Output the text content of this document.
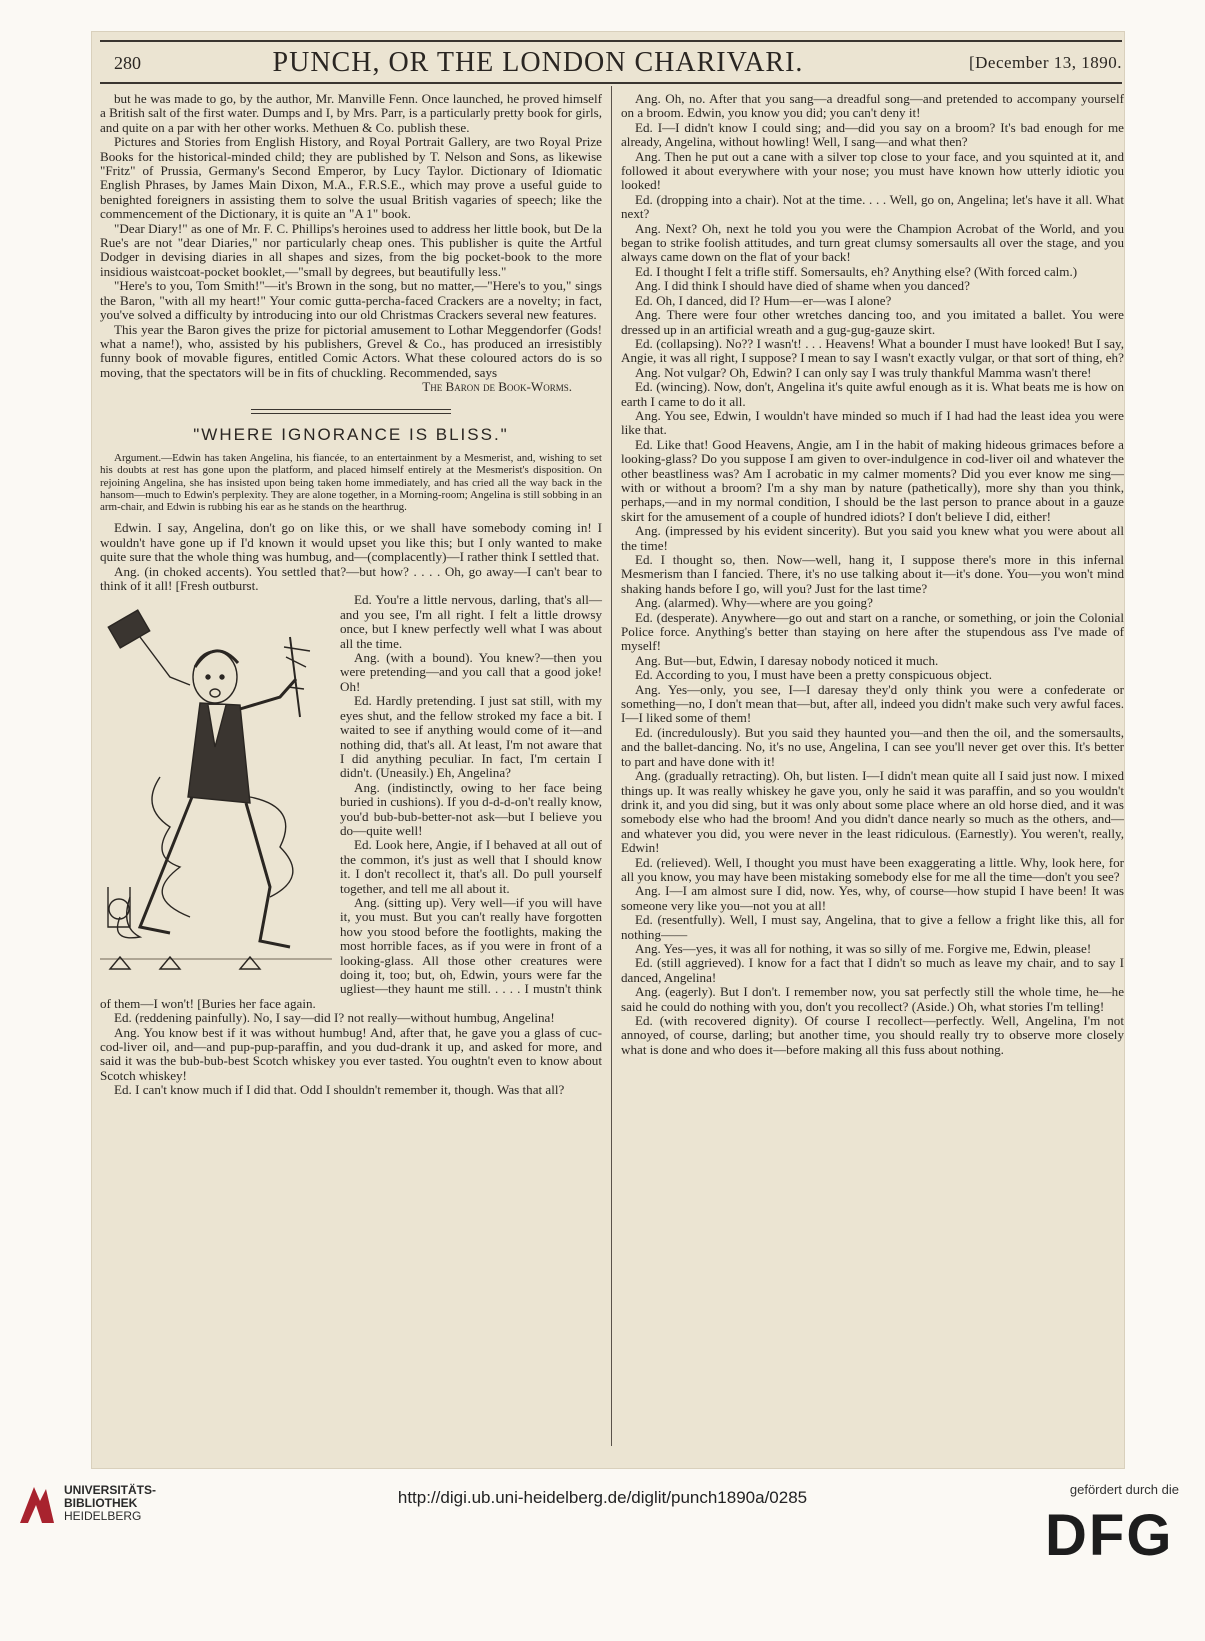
280	PUNCH, OR THE LONDON CHARIVARI.	[December 13, 1890.

but he was made to go, by the author, Mr. Manville Fenn. Once launched, he proved himself a British salt of the first water. Dumps and I, by Mrs. Parr, is a particularly pretty book for girls, and quite on a par with her other works. Methuen & Co. publish these.

Pictures and Stories from English History, and Royal Portrait Gallery, are two Royal Prize Books for the historical-minded child; they are published by T. Nelson and Sons, as likewise "Fritz" of Prussia, Germany's Second Emperor, by Lucy Taylor. Dictionary of Idiomatic English Phrases, by James Main Dixon, M.A., F.R.S.E., which may prove a useful guide to benighted foreigners in assisting them to solve the usual British vagaries of speech; like the commencement of the Dictionary, it is quite an "A 1" book.

"Dear Diary!" as one of Mr. F. C. Phillips's heroines used to address her little book, but De la Rue's are not "dear Diaries," nor particularly cheap ones. This publisher is quite the Artful Dodger in devising diaries in all shapes and sizes, from the big pocket-book to the more insidious waistcoat-pocket booklet,—"small by degrees, but beautifully less."

"Here's to you, Tom Smith!"—it's Brown in the song, but no matter,—"Here's to you," sings the Baron, "with all my heart!" Your comic gutta-percha-faced Crackers are a novelty; in fact, you've solved a difficulty by introducing into our old Christmas Crackers several new features.

This year the Baron gives the prize for pictorial amusement to Lothar Meggendorfer (Gods! what a name!), who, assisted by his publishers, Grevel & Co., has produced an irresistibly funny book of movable figures, entitled Comic Actors. What these coloured actors do is so moving, that the spectators will be in fits of chuckling. Recommended, says

The Baron de Book-Worms.

"WHERE IGNORANCE IS BLISS."

Argument.—Edwin has taken Angelina, his fiancée, to an entertainment by a Mesmerist, and, wishing to set his doubts at rest has gone upon the platform, and placed himself entirely at the Mesmerist's disposition. On rejoining Angelina, she has insisted upon being taken home immediately, and has cried all the way back in the hansom—much to Edwin's perplexity. They are alone together, in a Morning-room; Angelina is still sobbing in an arm-chair, and Edwin is rubbing his ear as he stands on the hearthrug.

Edwin. I say, Angelina, don't go on like this, or we shall have somebody coming in! I wouldn't have gone up if I'd known it would upset you like this; but I only wanted to make quite sure that the whole thing was humbug, and—(complacently)—I rather think I settled that.

Ang. (in choked accents). You settled that?—but how? . . . . Oh, go away—I can't bear to think of it all! [Fresh outburst.

Ed. You're a little nervous, darling, that's all—and you see, I'm all right. I felt a little drowsy once, but I knew perfectly well what I was about all the time.

Ang. (with a bound). You knew?—then you were pretending—and you call that a good joke! Oh!

Ed. Hardly pretending. I just sat still, with my eyes shut, and the fellow stroked my face a bit. I waited to see if anything would come of it—and nothing did, that's all. At least, I'm not aware that I did anything peculiar. In fact, I'm certain I didn't. (Uneasily.) Eh, Angelina?

Ang. (indistinctly, owing to her face being buried in cushions). If you d-d-d-on't really know, you'd bub-bub-better-not ask—but I believe you do—quite well!

Ed. Look here, Angie, if I behaved at all out of the common, it's just as well that I should know it. I don't recollect it, that's all. Do pull yourself together, and tell me all about it.

Ang. (sitting up). Very well—if you will have it, you must. But you can't really have forgotten how you stood before the footlights, making the most horrible faces, as if you were in front of a looking-glass. All those other creatures were doing it, too; but, oh, Edwin, yours were far the ugliest—they haunt me still. . . . . I mustn't think of them—I won't! [Buries her face again.

Ed. (reddening painfully). No, I say—did I? not really—without humbug, Angelina!

Ang. You know best if it was without humbug! And, after that, he gave you a glass of cuc-cod-liver oil, and—and pup-pup-paraffin, and you dud-drank it up, and asked for more, and said it was the bub-bub-best Scotch whiskey you ever tasted. You oughtn't even to know about Scotch whiskey!

Ed. I can't know much if I did that. Odd I shouldn't remember it, though. Was that all?

Ang. Oh, no. After that you sang—a dreadful song—and pretended to accompany yourself on a broom. Edwin, you know you did; you can't deny it!

Ed. I—I didn't know I could sing; and—did you say on a broom? It's bad enough for me already, Angelina, without howling! Well, I sang—and what then?

Ang. Then he put out a cane with a silver top close to your face, and you squinted at it, and followed it about everywhere with your nose; you must have known how utterly idiotic you looked!

Ed. (dropping into a chair). Not at the time. . . . Well, go on, Angelina; let's have it all. What next?

Ang. Next? Oh, next he told you you were the Champion Acrobat of the World, and you began to strike foolish attitudes, and turn great clumsy somersaults all over the stage, and you always came down on the flat of your back!

Ed. I thought I felt a trifle stiff. Somersaults, eh? Anything else? (With forced calm.)

Ang. I did think I should have died of shame when you danced?

Ed. Oh, I danced, did I? Hum—er—was I alone?

Ang. There were four other wretches dancing too, and you imitated a ballet. You were dressed up in an artificial wreath and a gug-gug-gauze skirt.

Ed. (collapsing). No?? I wasn't! . . . Heavens! What a bounder I must have looked! But I say, Angie, it was all right, I suppose? I mean to say I wasn't exactly vulgar, or that sort of thing, eh?

Ang. Not vulgar? Oh, Edwin? I can only say I was truly thankful Mamma wasn't there!

Ed. (wincing). Now, don't, Angelina it's quite awful enough as it is. What beats me is how on earth I came to do it all.

Ang. You see, Edwin, I wouldn't have minded so much if I had had the least idea you were like that.

Ed. Like that! Good Heavens, Angie, am I in the habit of making hideous grimaces before a looking-glass? Do you suppose I am given to over-indulgence in cod-liver oil and whatever the other beastliness was? Am I acrobatic in my calmer moments? Did you ever know me sing—with or without a broom? I'm a shy man by nature (pathetically), more shy than you think, perhaps,—and in my normal condition, I should be the last person to prance about in a gauze skirt for the amusement of a couple of hundred idiots? I don't believe I did, either!

Ang. (impressed by his evident sincerity). But you said you knew what you were about all the time!

Ed. I thought so, then. Now—well, hang it, I suppose there's more in this infernal Mesmerism than I fancied. There, it's no use talking about it—it's done. You—you won't mind shaking hands before I go, will you? Just for the last time?

Ang. (alarmed). Why—where are you going?

Ed. (desperate). Anywhere—go out and start on a ranche, or something, or join the Colonial Police force. Anything's better than staying on here after the stupendous ass I've made of myself!

Ang. But—but, Edwin, I daresay nobody noticed it much.

Ed. According to you, I must have been a pretty conspicuous object.

Ang. Yes—only, you see, I—I daresay they'd only think you were a confederate or something—no, I don't mean that—but, after all, indeed you didn't make such very awful faces. I—I liked some of them!

Ed. (incredulously). But you said they haunted you—and then the oil, and the somersaults, and the ballet-dancing. No, it's no use, Angelina, I can see you'll never get over this. It's better to part and have done with it!

Ang. (gradually retracting). Oh, but listen. I—I didn't mean quite all I said just now. I mixed things up. It was really whiskey he gave you, only he said it was paraffin, and so you wouldn't drink it, and you did sing, but it was only about some place where an old horse died, and it was somebody else who had the broom! And you didn't dance nearly so much as the others, and—and whatever you did, you were never in the least ridiculous. (Earnestly). You weren't, really, Edwin!

Ed. (relieved). Well, I thought you must have been exaggerating a little. Why, look here, for all you know, you may have been mistaking somebody else for me all the time—don't you see?

Ang. I—I am almost sure I did, now. Yes, why, of course—how stupid I have been! It was someone very like you—not you at all!

Ed. (resentfully). Well, I must say, Angelina, that to give a fellow a fright like this, all for nothing——

Ang. Yes—yes, it was all for nothing, it was so silly of me. Forgive me, Edwin, please!

Ed. (still aggrieved). I know for a fact that I didn't so much as leave my chair, and to say I danced, Angelina!

Ang. (eagerly). But I don't. I remember now, you sat perfectly still the whole time, he—he said he could do nothing with you, don't you recollect? (Aside.) Oh, what stories I'm telling!

Ed. (with recovered dignity). Of course I recollect—perfectly. Well, Angelina, I'm not annoyed, of course, darling; but another time, you should really try to observe more closely what is done and who does it—before making all this fuss about nothing.

UNIVERSITÄTS-
BIBLIOTHEK
HEIDELBERG
http://digi.ub.uni-heidelberg.de/diglit/punch1890a/0285	gefördert durch die
DFG
